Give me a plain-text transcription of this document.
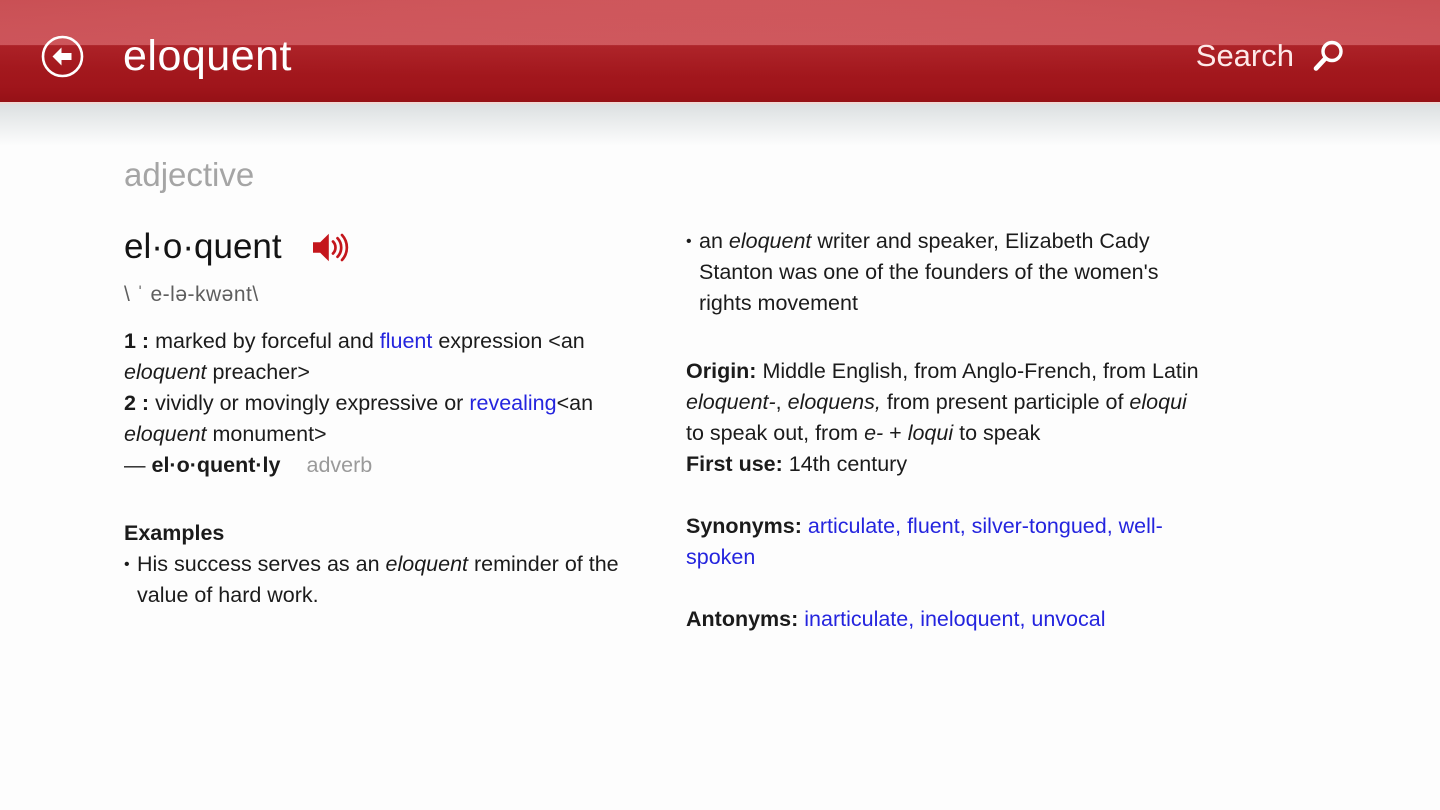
eloquent	Search
adjective
el·o·quent
\ ˈ e-lə-kwənt\

1 : marked by forceful and fluent expression <an eloquent preacher>

2 : vividly or movingly expressive or revealing<an eloquent monument>

— el·o·quent·ly adverb

Examples
• His success serves as an eloquent reminder of the value of hard work.
• an eloquent writer and speaker, Elizabeth Cady Stanton was one of the founders of the women's rights movement

Origin: Middle English, from Anglo-French, from Latin eloquent-, eloquens, from present participle of eloqui to speak out, from e- + loqui to speak

First use: 14th century

Synonyms: articulate, fluent, silver-tongued, well-spoken

Antonyms: inarticulate, ineloquent, unvocal
